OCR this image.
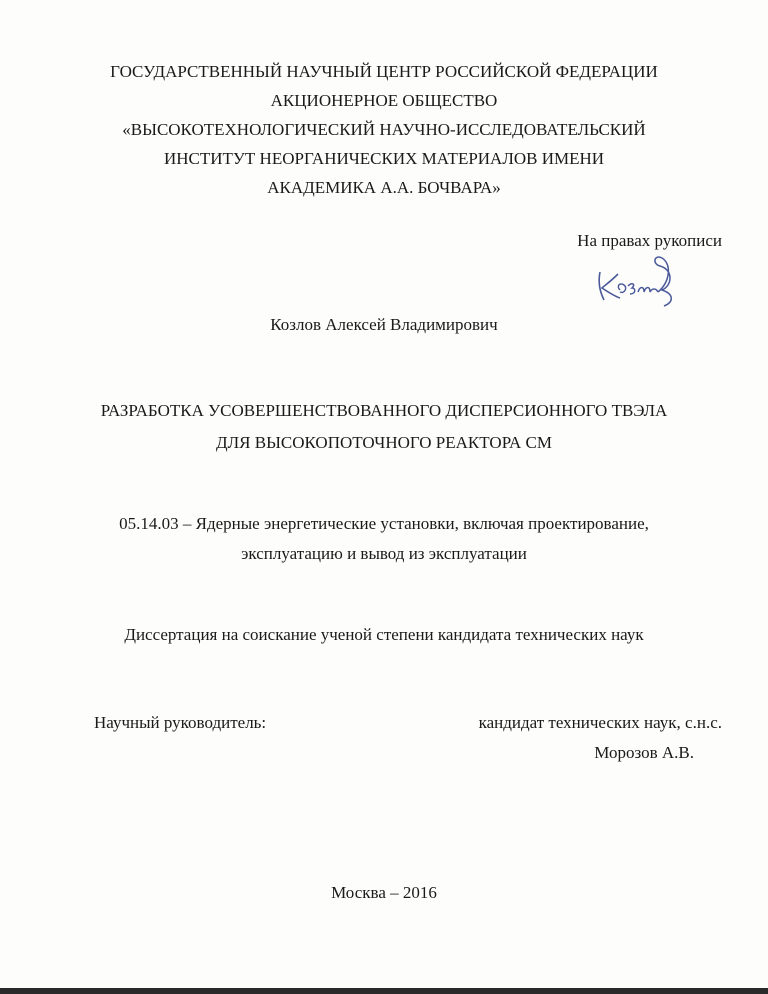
ГОСУДАРСТВЕННЫЙ НАУЧНЫЙ ЦЕНТР РОССИЙСКОЙ ФЕДЕРАЦИИ
АКЦИОНЕРНОЕ ОБЩЕСТВО
«ВЫСОКОТЕХНОЛОГИЧЕСКИЙ НАУЧНО-ИССЛЕДОВАТЕЛЬСКИЙ
ИНСТИТУТ НЕОРГАНИЧЕСКИХ МАТЕРИАЛОВ ИМЕНИ
АКАДЕМИКА А.А. БОЧВАРА»
На правах рукописи
Козлов Алексей Владимирович
РАЗРАБОТКА УСОВЕРШЕНСТВОВАННОГО ДИСПЕРСИОННОГО ТВЭЛА
ДЛЯ ВЫСОКОПОТОЧНОГО РЕАКТОРА СМ
05.14.03 – Ядерные энергетические установки, включая проектирование,
эксплуатацию и вывод из эксплуатации
Диссертация на соискание ученой степени кандидата технических наук
Научный руководитель:	кандидат технических наук, с.н.с.
Морозов А.В.
Москва – 2016
